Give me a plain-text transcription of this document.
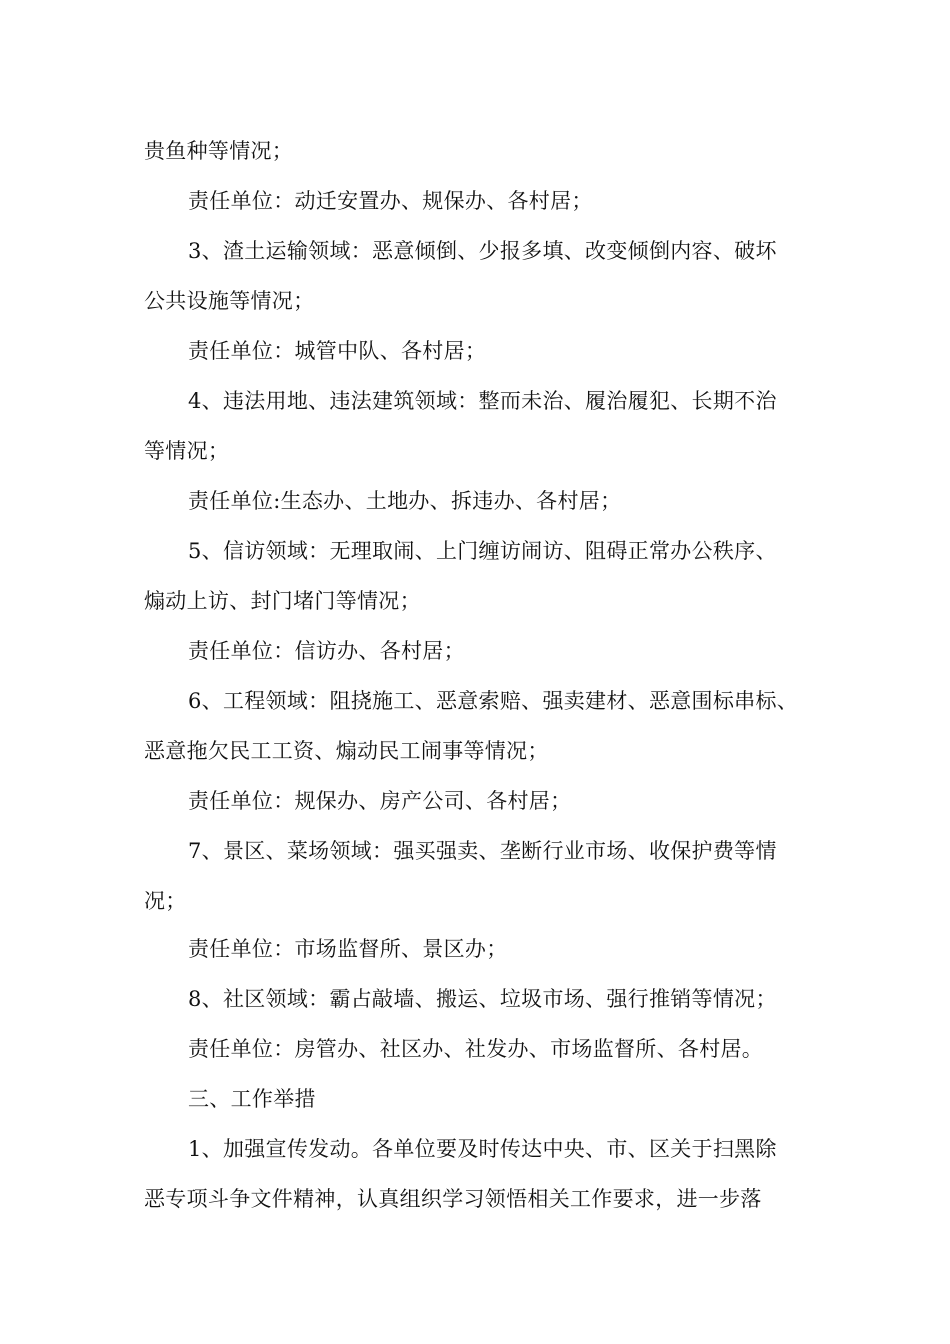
贵鱼种等情况；
责任单位：动迁安置办、规保办、各村居；
3、渣土运输领域：恶意倾倒、少报多填、改变倾倒内容、破坏
公共设施等情况；
责任单位：城管中队、各村居；
4、违法用地、违法建筑领域：整而未治、履治履犯、长期不治
等情况；
责任单位:生态办、土地办、拆违办、各村居；
5、信访领域：无理取闹、上门缠访闹访、阻碍正常办公秩序、
煽动上访、封门堵门等情况；
责任单位：信访办、各村居；
6、工程领域：阻挠施工、恶意索赔、强卖建材、恶意围标串标、
恶意拖欠民工工资、煽动民工闹事等情况；
责任单位：规保办、房产公司、各村居；
7、景区、菜场领域：强买强卖、垄断行业市场、收保护费等情
况；
责任单位：市场监督所、景区办；
8、社区领域：霸占敲墙、搬运、垃圾市场、强行推销等情况；
责任单位：房管办、社区办、社发办、市场监督所、各村居。
三、工作举措
1、加强宣传发动。各单位要及时传达中央、市、区关于扫黑除
恶专项斗争文件精神，认真组织学习领悟相关工作要求，进一步落
